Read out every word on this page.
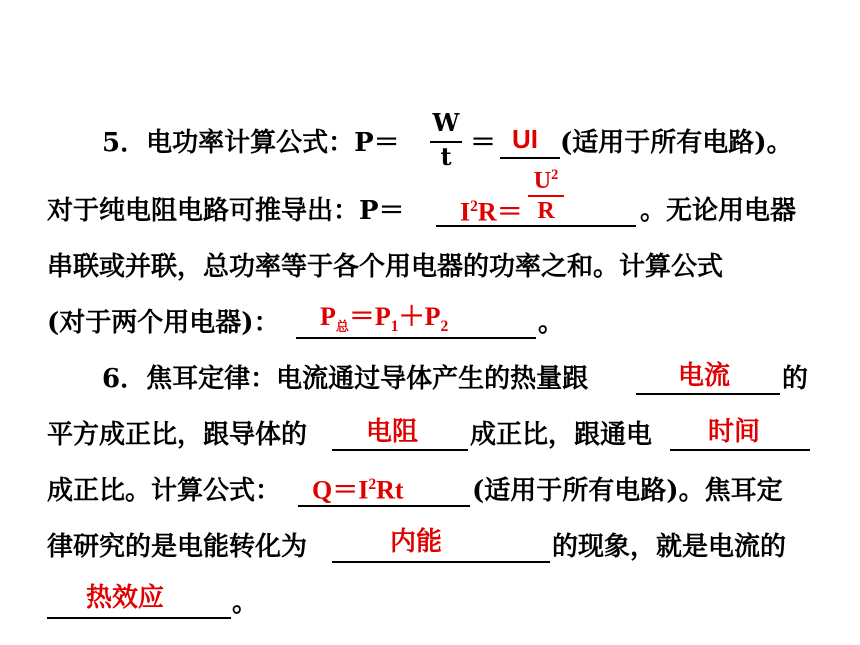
5．电功率计算公式：P＝
W
t ＝ UI (适用于所有电路)。
对于纯电阻电路可推导出：$P= I^2R=$
$U^2$
R	。无论用电器
串联或并联，总功率等于各个用电器的功率之和。计算公式
(对于两个用电器)： $P_总=P_1+P_2$	。
6．焦耳定律：电流通过导体产生的热量跟	电流 的
平方成正比，跟导体的 电阻 成正比，跟通电 时间
成正比。计算公式： $Q=I^2Rt$	(适用于所有电路)。焦耳定
律研究的是电能转化为	内能	的现象，就是电流的
热效应	。
